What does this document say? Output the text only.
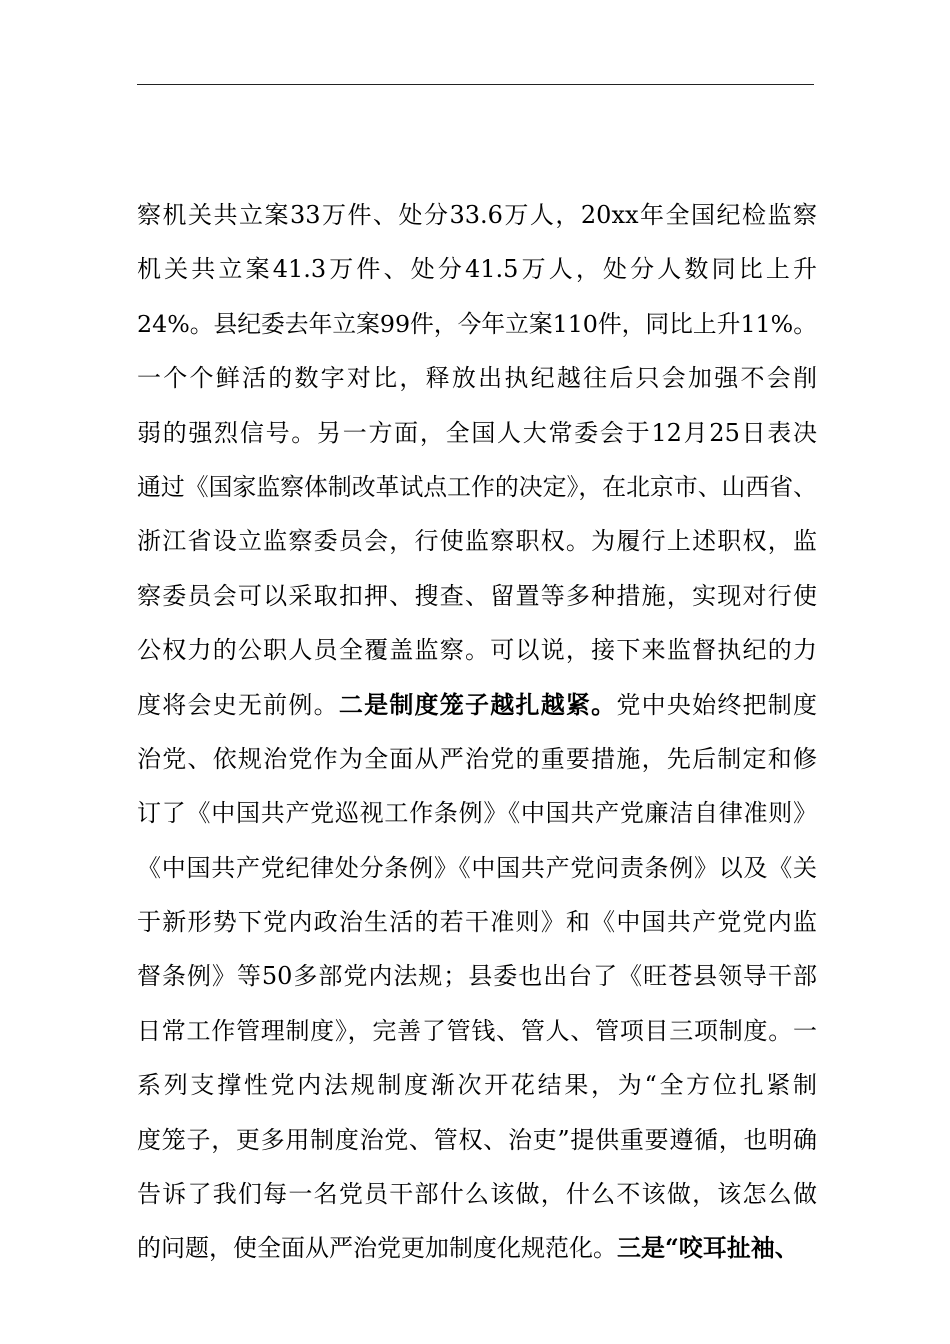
察机关共立案33万件、处分33.6万人，20xx年全国纪检监察
机关共立案41.3万件、处分41.5万人，处分人数同比上升
24%。县纪委去年立案99件，今年立案110件，同比上升11%。
一个个鲜活的数字对比，释放出执纪越往后只会加强不会削
弱的强烈信号。另一方面，全国人大常委会于12月25日表决
通过《国家监察体制改革试点工作的决定》，在北京市、山西省、
浙江省设立监察委员会，行使监察职权。为履行上述职权，监
察委员会可以采取扣押、搜查、留置等多种措施，实现对行使
公权力的公职人员全覆盖监察。可以说，接下来监督执纪的力
度将会史无前例。二是制度笼子越扎越紧。党中央始终把制度
治党、依规治党作为全面从严治党的重要措施，先后制定和修
订了《中国共产党巡视工作条例》《中国共产党廉洁自律准则》
《中国共产党纪律处分条例》《中国共产党问责条例》以及《关
于新形势下党内政治生活的若干准则》和《中国共产党党内监
督条例》等50多部党内法规；县委也出台了《旺苍县领导干部
日常工作管理制度》，完善了管钱、管人、管项目三项制度。一
系列支撑性党内法规制度渐次开花结果，为“全方位扎紧制
度笼子，更多用制度治党、管权、治吏”提供重要遵循，也明确
告诉了我们每一名党员干部什么该做，什么不该做，该怎么做
的问题，使全面从严治党更加制度化规范化。三是“咬耳扯袖、
